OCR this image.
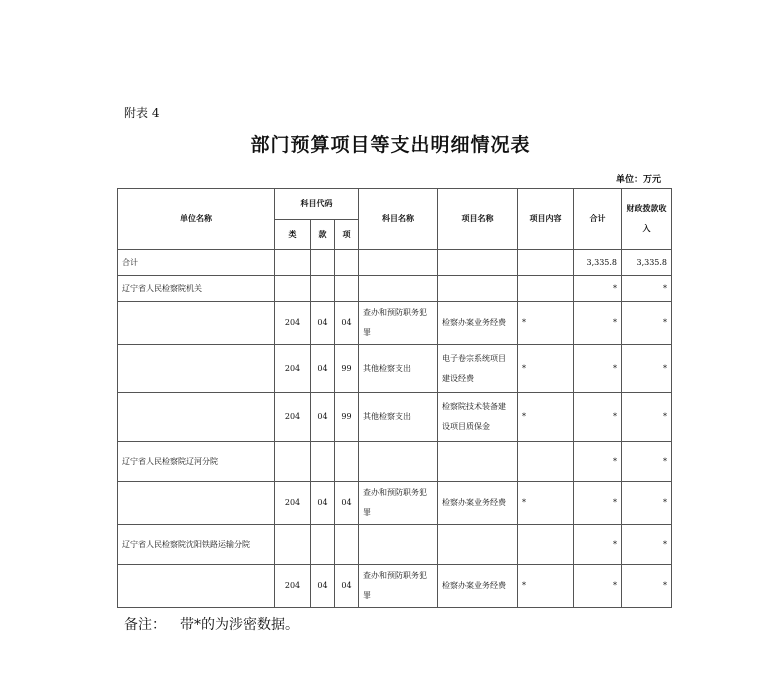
附表 4
部门预算项目等支出明细情况表
单位：万元
单位名称	科目代码			科目名称	项目名称	项目内容	合计	财政拨款收入
	类	款	项					
合计							3,335.8	3,335.8
辽宁省人民检察院机关							*	*
	204	04	04	查办和预防职务犯罪	检察办案业务经费	*	*	*
	204	04	99	其他检察支出	电子卷宗系统项目建设经费	*	*	*
	204	04	99	其他检察支出	检察院技术装备建设项目质保金	*	*	*
辽宁省人民检察院辽河分院							*	*
	204	04	04	查办和预防职务犯罪	检察办案业务经费	*	*	*
辽宁省人民检察院沈阳铁路运输分院							*	*
	204	04	04	查办和预防职务犯罪	检察办案业务经费	*	*	*
备注： 带*的为涉密数据。
